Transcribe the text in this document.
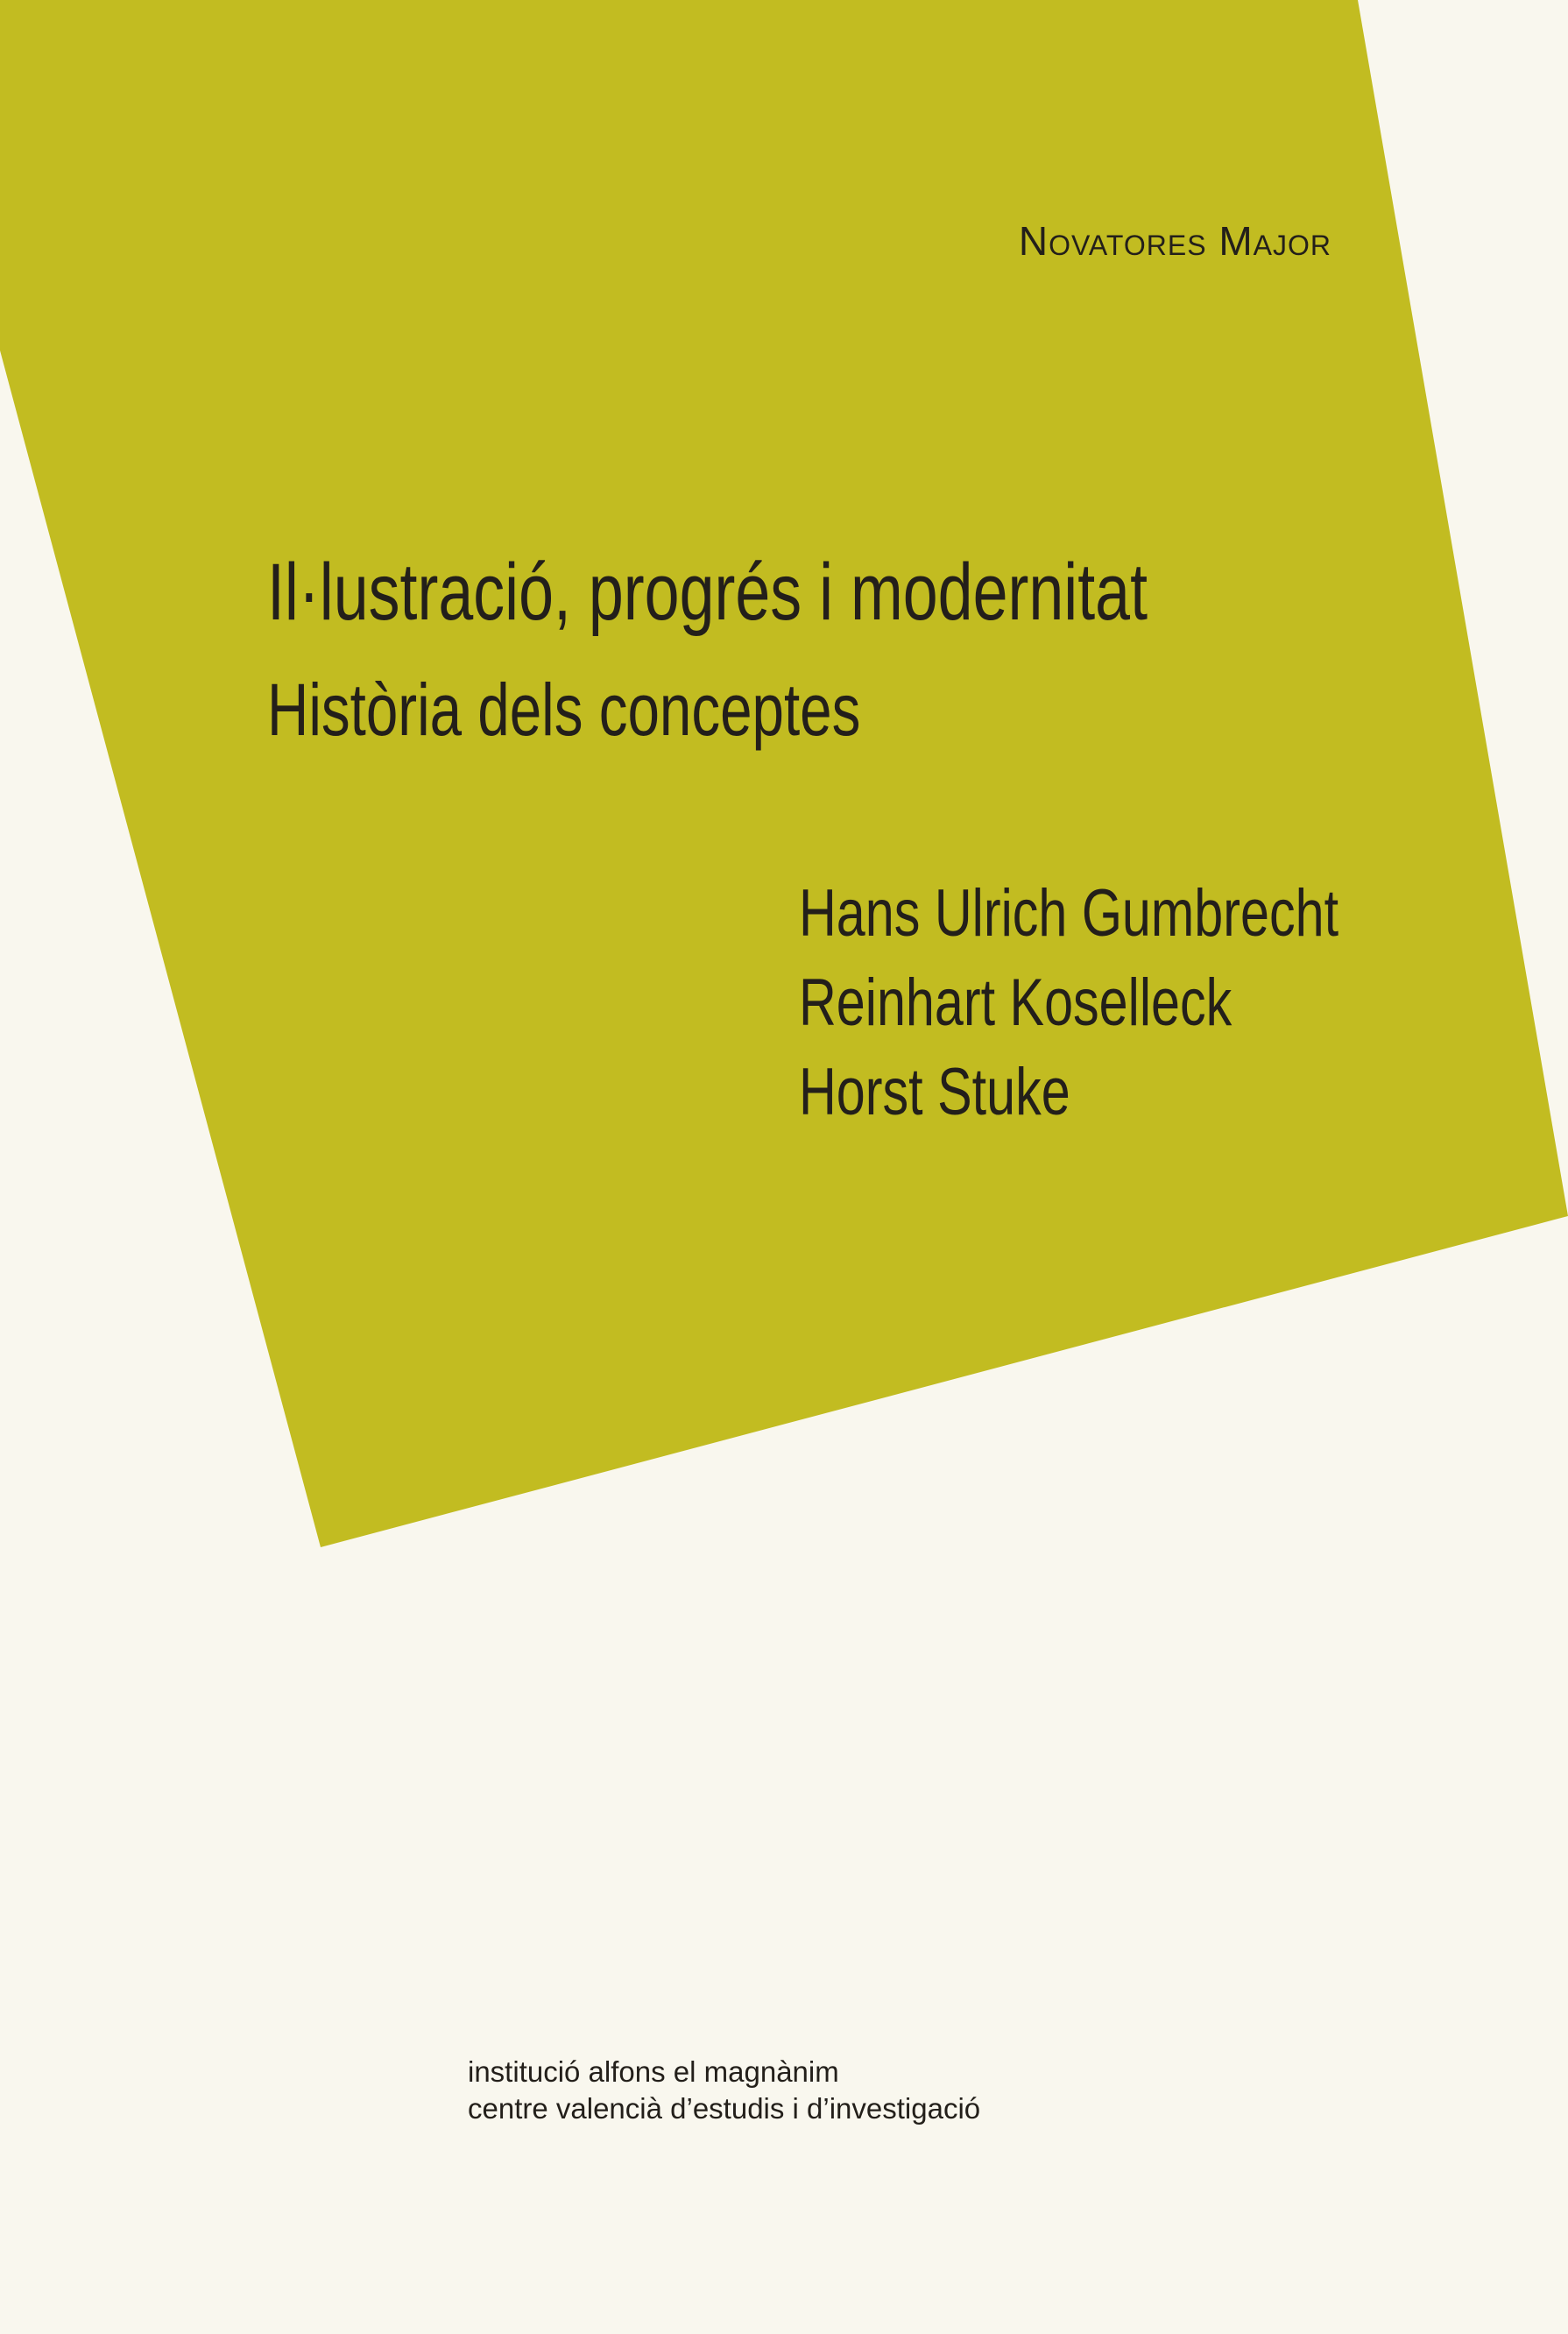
Novatores Major
Il·lustració, progrés i modernitat
Història dels conceptes
Hans Ulrich Gumbrecht
Reinhart Koselleck
Horst Stuke
institució alfons el magnànim
centre valencià d’estudis i d’investigació
